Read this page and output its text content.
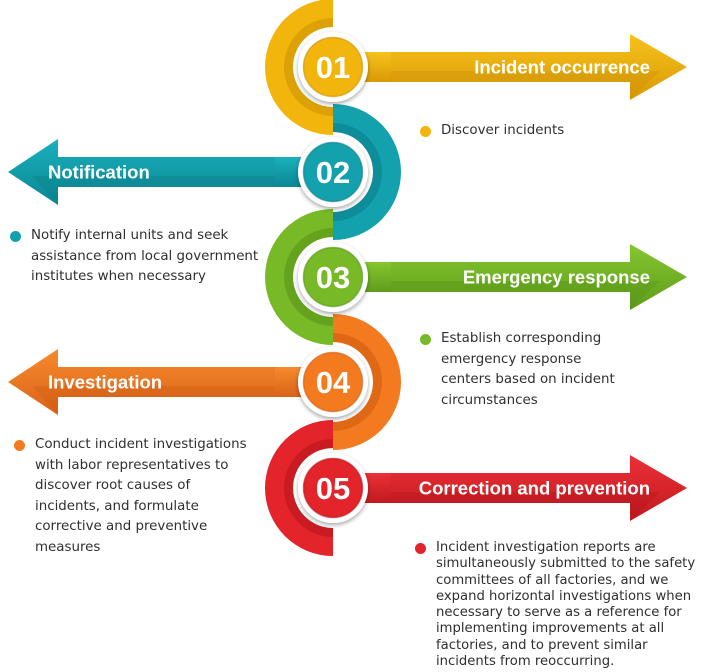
Incident occurrence
Notification
Emergency response
Investigation
Correction and prevention
01
02
03
04
05
Discover incidents
Notify internal units and seek assistance from local government institutes when necessary
Establish corresponding emergency response centers based on incident circumstances
Conduct incident investigations with labor representatives to discover root causes of incidents, and formulate corrective and preventive measures	Incident investigation reports are simultaneously submitted to the safety committees of all factories, and we expand horizontal investigations when necessary to serve as a reference for implementing improvements at all factories, and to prevent similar incidents from reoccurring.
